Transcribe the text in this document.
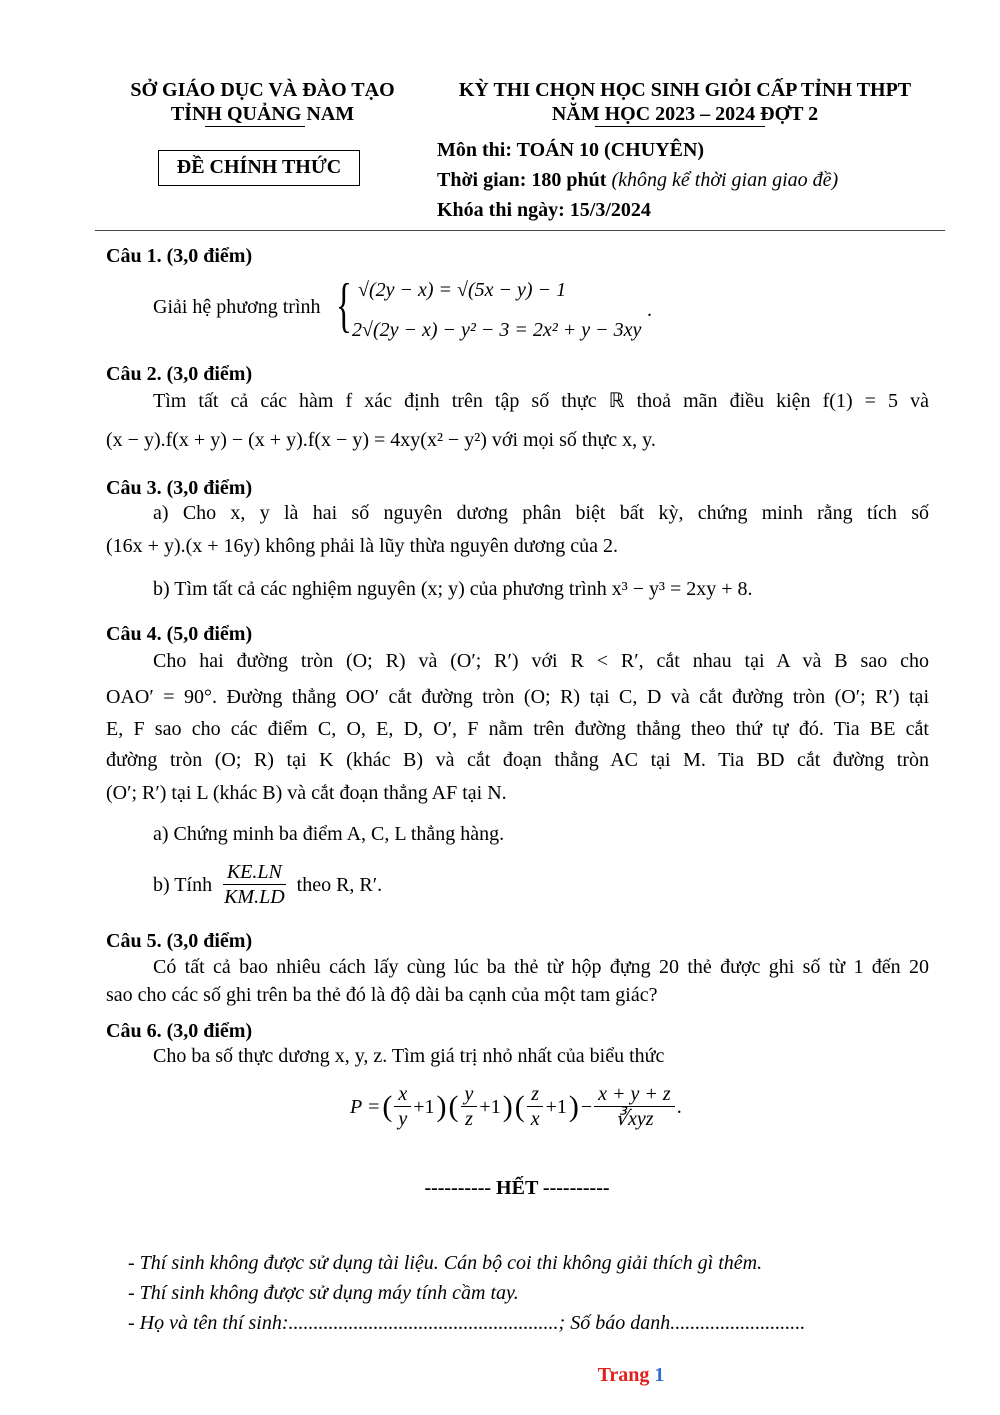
SỞ GIÁO DỤC VÀ ĐÀO TẠO
TỈNH QUẢNG NAM
ĐỀ CHÍNH THỨC
KỲ THI CHỌN HỌC SINH GIỎI CẤP TỈNH THPT
NĂM HỌC 2023 – 2024 ĐỢT 2
Môn thi: TOÁN 10 (CHUYÊN)
Thời gian: 180 phút (không kể thời gian giao đề)
Khóa thi ngày: 15/3/2024
Câu 1. (3,0 điểm)
Giải hệ phương trình { √(2y − x) = √(5x − y) − 1
2√(2y − x) − y² − 3 = 2x² + y − 3xy
.
Câu 2. (3,0 điểm)
Tìm tất cả các hàm f xác định trên tập số thực ℝ thoả mãn điều kiện f(1) = 5 và
(x − y).f(x + y) − (x + y).f(x − y) = 4xy(x² − y²) với mọi số thực x, y.
Câu 3. (3,0 điểm)
a) Cho x, y là hai số nguyên dương phân biệt bất kỳ, chứng minh rằng tích số
(16x + y).(x + 16y) không phải là lũy thừa nguyên dương của 2.
b) Tìm tất cả các nghiệm nguyên (x; y) của phương trình x³ − y³ = 2xy + 8.
Câu 4. (5,0 điểm)
Cho hai đường tròn (O; R) và (O′; R′) với R < R′, cắt nhau tại A và B sao cho
OAO′ = 90°. Đường thẳng OO′ cắt đường tròn (O; R) tại C, D và cắt đường tròn (O′; R′) tại
E, F sao cho các điểm C, O, E, D, O′, F nằm trên đường thẳng theo thứ tự đó. Tia BE cắt
đường tròn (O; R) tại K (khác B) và cắt đoạn thẳng AC tại M. Tia BD cắt đường tròn
(O′; R′) tại L (khác B) và cắt đoạn thẳng AF tại N.
a) Chứng minh ba điểm A, C, L thẳng hàng.
b) Tính $\frac{KE.LN}{KM.LD}$ theo R, R′.
Câu 5. (3,0 điểm)
Có tất cả bao nhiêu cách lấy cùng lúc ba thẻ từ hộp đựng 20 thẻ được ghi số từ 1 đến 20
sao cho các số ghi trên ba thẻ đó là độ dài ba cạnh của một tam giác?
Câu 6. (3,0 điểm)
Cho ba số thực dương x, y, z. Tìm giá trị nhỏ nhất của biểu thức
P = ( $\frac{x}{y} +1$ ) ( $\frac{y}{z} +1$ ) ( $\frac{z}{x} +1$ ) − $\frac{x + y + z}{\text{∛xyz}}$ .
---------- HẾT ----------
- Thí sinh không được sử dụng tài liệu. Cán bộ coi thi không giải thích gì thêm.
- Thí sinh không được sử dụng máy tính cầm tay.
- Họ và tên thí sinh:......................................................; Số báo danh...........................
Trang 1
